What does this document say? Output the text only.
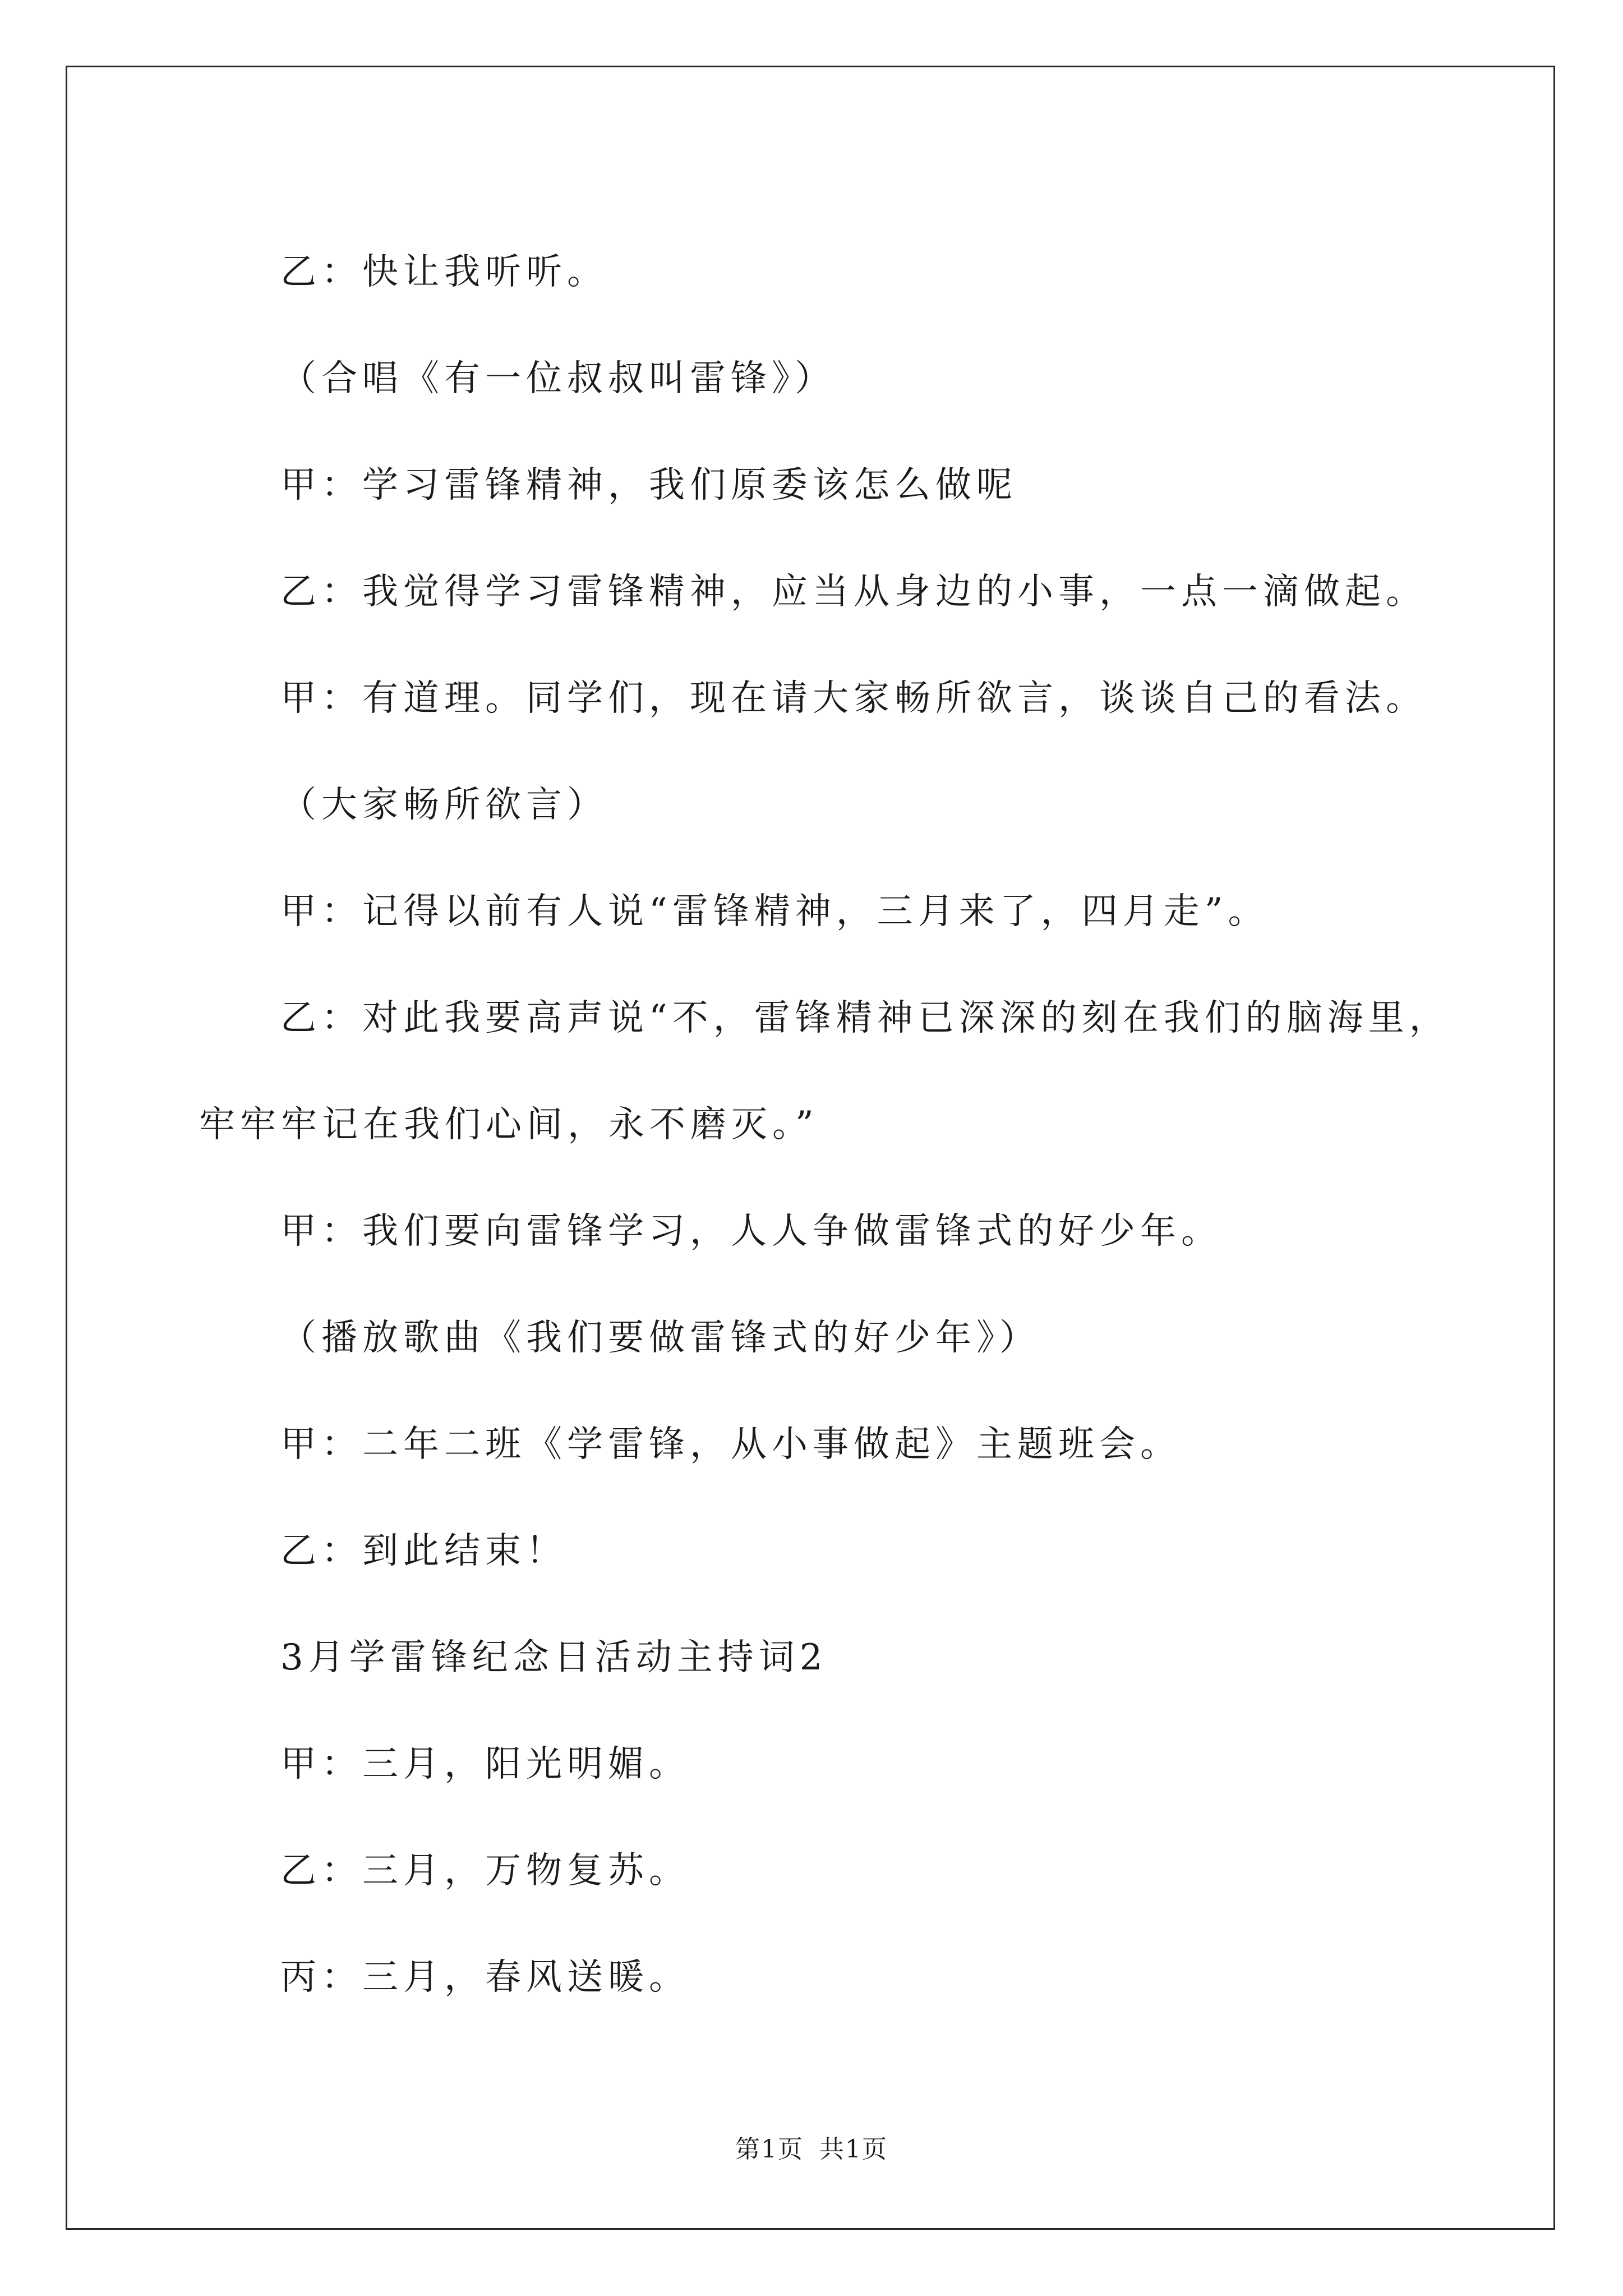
乙：快让我听听。

（合唱《有一位叔叔叫雷锋》）

甲：学习雷锋精神，我们原委该怎么做呢

乙：我觉得学习雷锋精神，应当从身边的小事，一点一滴做起。

甲：有道理。同学们，现在请大家畅所欲言，谈谈自己的看法。

（大家畅所欲言）

甲：记得以前有人说“雷锋精神，三月来了，四月走”。

乙：对此我要高声说“不，雷锋精神已深深的刻在我们的脑海里，

牢牢牢记在我们心间，永不磨灭。”

甲：我们要向雷锋学习，人人争做雷锋式的好少年。

（播放歌曲《我们要做雷锋式的好少年》）

甲：二年二班《学雷锋，从小事做起》主题班会。

乙：到此结束！

3月学雷锋纪念日活动主持词2

甲：三月，阳光明媚。

乙：三月，万物复苏。

丙：三月，春风送暖。

第1页 共1页
